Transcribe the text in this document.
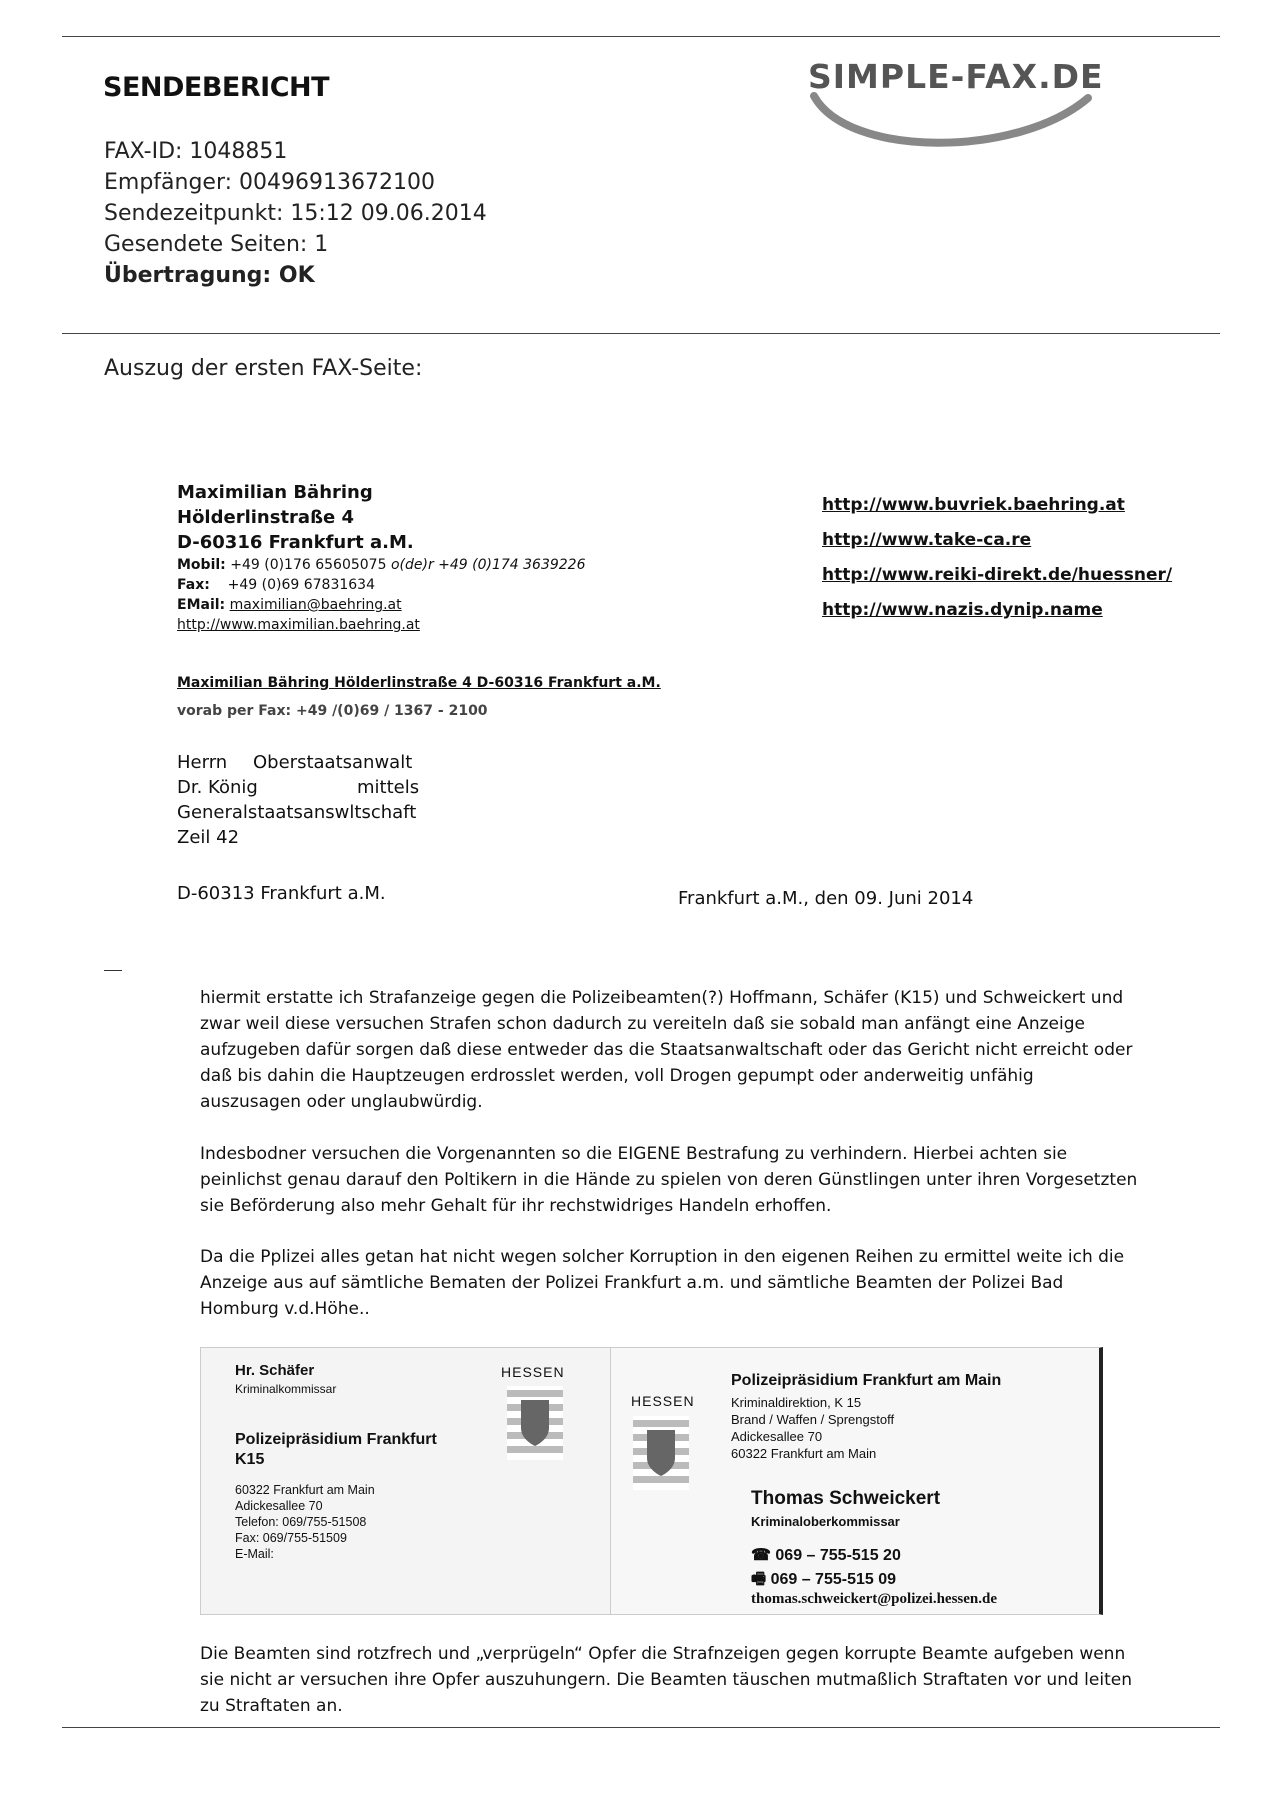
SENDEBERICHT
FAX-ID: 1048851
Empfänger: 00496913672100
Sendezeitpunkt: 15:12 09.06.2014
Gesendete Seiten: 1
Übertragung: OK
SIMPLE-FAX.DE
Auszug der ersten FAX-Seite:
Maximilian Bähring
Hölderlinstraße 4
D-60316 Frankfurt a.M.
Mobil: +49 (0)176 65605075 o(de)r +49 (0)174 3639226
Fax: +49 (0)69 67831634
EMail: maximilian@baehring.at
http://www.maximilian.baehring.at
http://www.buvriek.baehring.at
http://www.take-ca.re
http://www.reiki-direkt.de/huessner/
http://www.nazis.dynip.name
Maximilian Bähring Hölderlinstraße 4 D-60316 Frankfurt a.M.
vorab per Fax: +49 /(0)69 / 1367 - 2100
Herrn	Oberstaatsanwalt
Dr. König	mittels
Generalstaatsanswltschaft
Zeil 42
D-60313 Frankfurt a.M.	Frankfurt a.M., den 09. Juni 2014
hiermit erstatte ich Strafanzeige gegen die Polizeibeamten(?) Hoffmann, Schäfer (K15) und Schweickert und zwar weil diese versuchen Strafen schon dadurch zu vereiteln daß sie sobald man anfängt eine Anzeige aufzugeben dafür sorgen daß diese entweder das die Staatsanwaltschaft oder das Gericht nicht erreicht oder daß bis dahin die Hauptzeugen erdrosslet werden, voll Drogen gepumpt oder anderweitig unfähig auszusagen oder unglaubwürdig.
Indesbodner versuchen die Vorgenannten so die EIGENE Bestrafung zu verhindern. Hierbei achten sie peinlichst genau darauf den Poltikern in die Hände zu spielen von deren Günstlingen unter ihren Vorgesetzten sie Beförderung also mehr Gehalt für ihr rechstwidriges Handeln erhoffen.
Da die Pplizei alles getan hat nicht wegen solcher Korruption in den eigenen Reihen zu ermittel weite ich die Anzeige aus auf sämtliche Bematen der Polizei Frankfurt a.m. und sämtliche Beamten der Polizei Bad Homburg v.d.Höhe..
Hr. Schäfer
Kriminalkommissar
Polizeipräsidium Frankfurt
K15
60322 Frankfurt am Main
Adickesallee 70
Telefon: 069/755-51508
Fax: 069/755-51509
E-Mail:
HESSEN
HESSEN
Polizeipräsidium Frankfurt am Main
Kriminaldirektion, K 15
Brand / Waffen / Sprengstoff
Adickesallee 70
60322 Frankfurt am Main
Thomas Schweickert
Kriminaloberkommissar
☎ 069 – 755-515 20
🖷 069 – 755-515 09
thomas.schweickert@polizei.hessen.de
Die Beamten sind rotzfrech und „verprügeln“ Opfer die Strafnzeigen gegen korrupte Beamte aufgeben wenn sie nicht ar versuchen ihre Opfer auszuhungern. Die Beamten täuschen mutmaßlich Straftaten vor und leiten zu Straftaten an.
